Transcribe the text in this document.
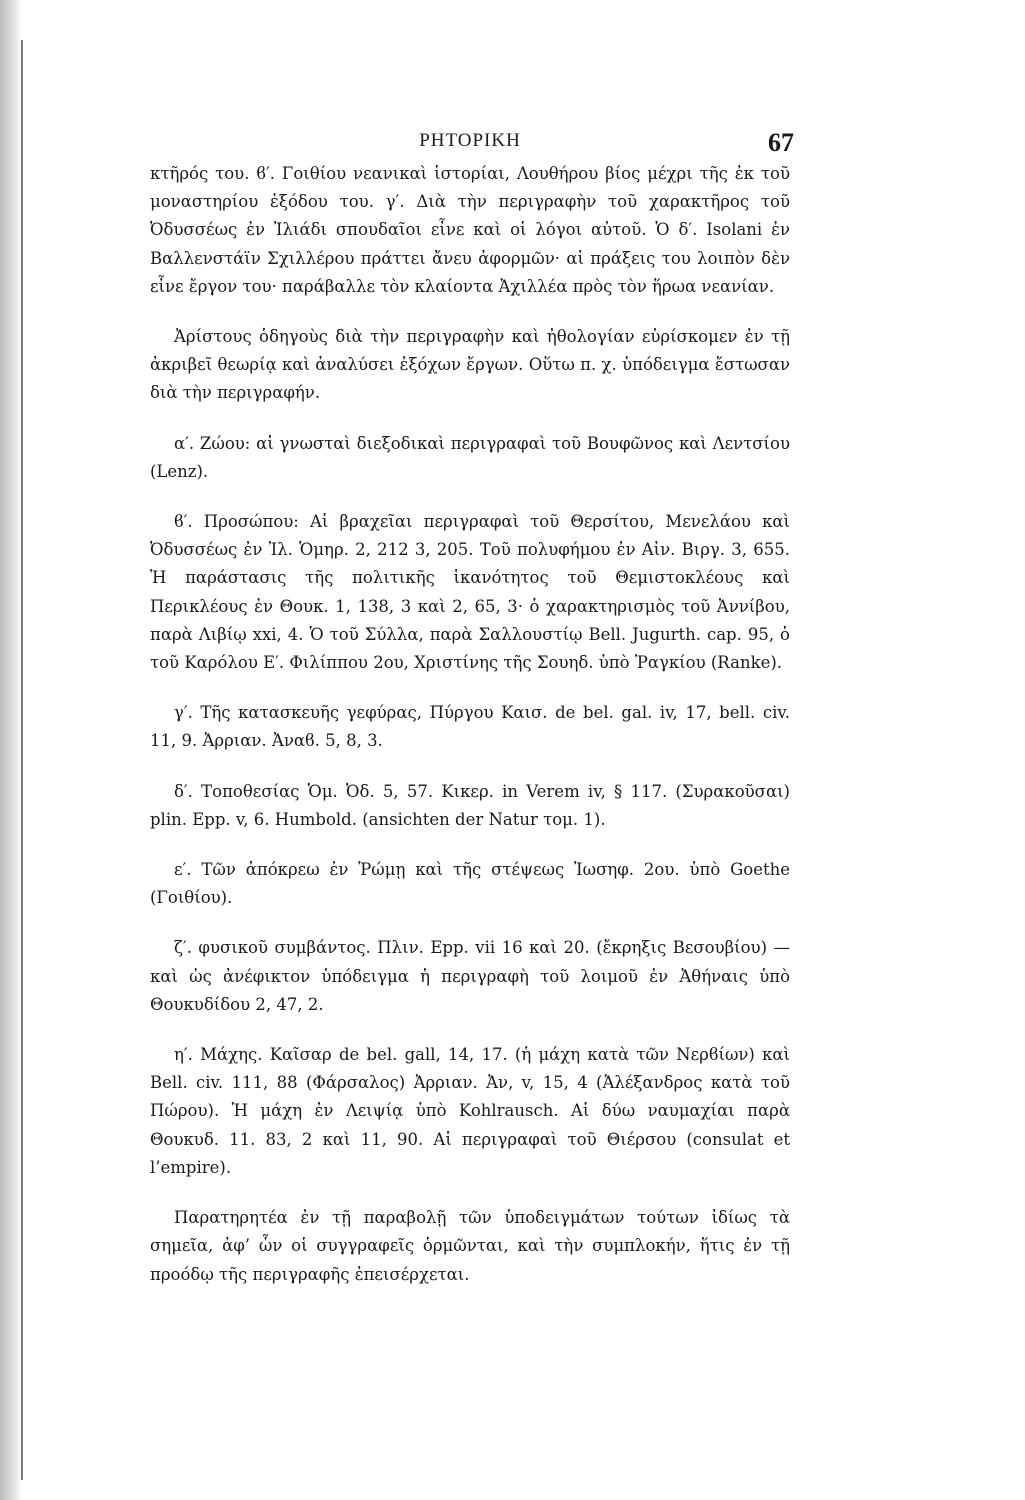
ΡΗΤΟΡΙΚΗ	67

κτῆρός του. ϐ′. Γοιθίου νεανικαὶ ἱστορίαι, Λουθήρου βίος μέχρι τῆς ἐκ τοῦ μοναστηρίου ἐξόδου του. γ′. Διὰ τὴν περιγραφὴν τοῦ χαρακτῆρος τοῦ Ὀδυσσέως ἐν Ἰλιάδι σπουδαῖοι εἶνε καὶ οἱ λόγοι αὐτοῦ. Ὁ δ′. Isolani ἐν Βαλλενστάϊν Σχιλλέρου πράττει ἄνευ ἀφορμῶν· αἱ πράξεις του λοιπὸν δὲν εἶνε ἔργον του· παράβαλλε τὸν κλαίοντα Ἀχιλλέα πρὸς τὸν ἥρωα νεανίαν.

Ἀρίστους ὁδηγοὺς διὰ τὴν περιγραφὴν καὶ ἠθολογίαν εὑρίσκομεν ἐν τῇ ἀκριβεῖ θεωρίᾳ καὶ ἀναλύσει ἐξόχων ἔργων. Οὕτω π. χ. ὑπόδειγμα ἔστωσαν διὰ τὴν περιγραφήν.

α′. Ζώου: αἱ γνωσταὶ διεξοδικαὶ περιγραφαὶ τοῦ Βουφῶνος καὶ Λεντσίου (Lenz).

ϐ′. Προσώπου: Αἱ βραχεῖαι περιγραφαὶ τοῦ Θερσίτου, Μενελάου καὶ Ὀδυσσέως ἐν Ἰλ. Ὁμηρ. 2, 212 3, 205. Τοῦ πολυφήμου ἐν Αἰν. Βιργ. 3, 655. Ἡ παράστασις τῆς πολιτικῆς ἱκανότητος τοῦ Θεμιστοκλέους καὶ Περικλέους ἐν Θουκ. 1, 138, 3 καὶ 2, 65, 3· ὁ χαρακτηρισμὸς τοῦ Ἀννίβου, παρὰ Λιβίῳ xxi, 4. Ὁ τοῦ Σύλλα, παρὰ Σαλλουστίῳ Bell. Jugurth. cap. 95, ὁ τοῦ Καρόλου Ε′. Φιλίππου 2ου, Χριστίνης τῆς Σουηδ. ὑπὸ Ῥαγκίου (Ranke).

γ′. Τῆς κατασκευῆς γεφύρας, Πύργου Καισ. de bel. gal. iv, 17, bell. civ. 11, 9. Ἀρριαν. Ἀναϐ. 5, 8, 3.

δ′. Τοποθεσίας Ὁμ. Ὀδ. 5, 57. Κικερ. in Verem iv, § 117. (Συρακοῦσαι) plin. Epp. v, 6. Humbold. (ansichten der Natur τομ. 1).

ε′. Τῶν ἀπόκρεω ἐν Ῥώμῃ καὶ τῆς στέψεως Ἰωσηφ. 2ου. ὑπὸ Goethe (Γοιθίου).

ζ′. φυσικοῦ συμβάντος. Πλιν. Epp. vii 16 καὶ 20. (ἔκρηξις Βεσουβίου) — καὶ ὡς ἀνέφικτον ὑπόδειγμα ἡ περιγραφὴ τοῦ λοιμοῦ ἐν Ἀθήναις ὑπὸ Θουκυδίδου 2, 47, 2.

η′. Μάχης. Καῖσαρ de bel. gall, 14, 17. (ἡ μάχη κατὰ τῶν Νερϐίων) καὶ Bell. civ. 111, 88 (Φάρσαλος) Ἀρριαν. Ἀν, v, 15, 4 (Ἀλέξανδρος κατὰ τοῦ Πώρου). Ἡ μάχη ἐν Λειψίᾳ ὑπὸ Kohlrausch. Αἱ δύω ναυμαχίαι παρὰ Θουκυδ. 11. 83, 2 καὶ 11, 90. Αἱ περιγραφαὶ τοῦ Θιέρσου (consulat et l’empire).

Παρατηρητέα ἐν τῇ παραβολῇ τῶν ὑποδειγμάτων τούτων ἰδίως τὰ σημεῖα, ἀφ’ ὧν οἱ συγγραφεῖς ὁρμῶνται, καὶ τὴν συμπλοκήν, ἥτις ἐν τῇ προόδῳ τῆς περιγραφῆς ἐπεισέρχεται.
